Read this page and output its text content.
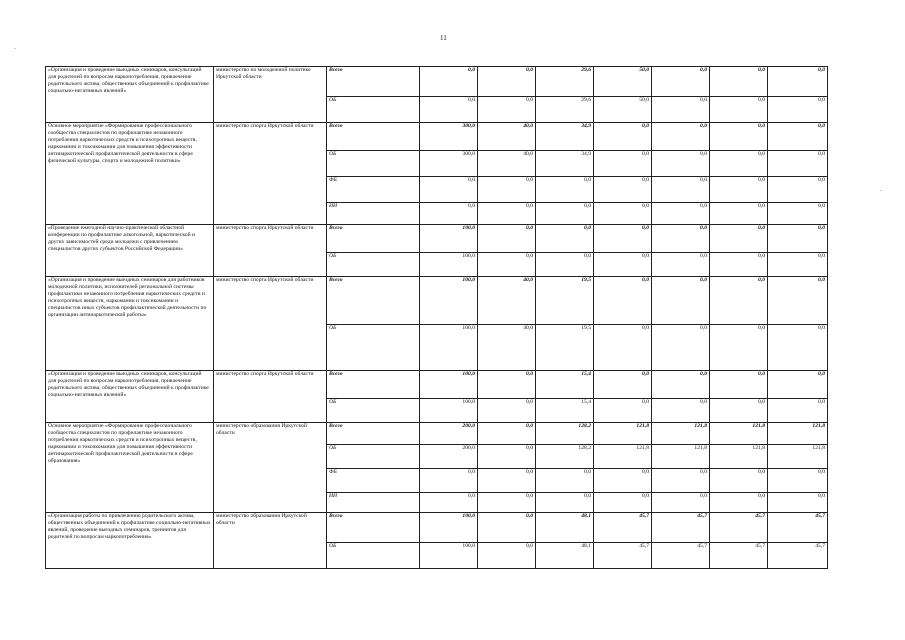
11
-
-
«Организация и проведение выездных семинаров, консультаций для родителей по вопросам наркопотребления, привлечение родительского актива, общественных объединений к профилактике социально-негативных явлений»	министерство по молодежной политике Иркутской области	Всего	0,0	0,0	29,6	50,0	0,0	0,0	0,0
		ОБ	0,0	0,0	29,6	50,0	0,0	0,0	0,0
Основное мероприятие «Формирование профессионального сообщества специалистов по профилактике незаконного потребления наркотических средств и психотропных веществ, наркомании и токсикомании для повышения эффективности антинаркотической профилактической деятельности в сфере физической культуры, спорта и молодежной политики»	министерство спорта Иркутской области	Всего	300,0	40,0	34,9	0,0	0,0	0,0	0,0
		ОБ	300,0	40,0	34,9	0,0	0,0	0,0	0,0
		ФБ	0,0	0,0	0,0	0,0	0,0	0,0	0,0
		ИИ	0,0	0,0	0,0	0,0	0,0	0,0	0,0
«Проведение ежегодной научно-практической областной конференции по профилактике алкогольной, наркотической и других зависимостей среди молодежи с привлечением специалистов других субъектов Российской Федерации»	министерство спорта Иркутской области	Всего	100,0	0,0	0,0	0,0	0,0	0,0	0,0
		ОБ	100,0	0,0	0,0	0,0	0,0	0,0	0,0
«Организация и проведение выездных семинаров для работников молодежной политики, исполнителей региональной системы профилактики незаконного потребления наркотических средств и психотропных веществ, наркомании и токсикомании и специалистов иных субъектов профилактической деятельности по организации антинаркотической работы»	министерство спорта Иркутской области	Всего	100,0	40,0	19,5	0,0	0,0	0,0	0,0
		ОБ	100,0	40,0	19,5	0,0	0,0	0,0	0,0
«Организация и проведение выездных семинаров, консультаций для родителей по вопросам наркопотребления, привлечение родительского актива, общественных объединений к профилактике социально-негативных явлений»	министерство спорта Иркутской области	Всего	100,0	0,0	15,4	0,0	0,0	0,0	0,0
		ОБ	100,0	0,0	15,4	0,0	0,0	0,0	0,0
Основное мероприятие «Формирование профессионального сообщества специалистов по профилактике незаконного потребления наркотических средств и психотропных веществ, наркомании и токсикомании для повышения эффективности антинаркотической профилактической деятельности в сфере образования»	министерство образования Иркутской области	Всего	200,0	0,0	128,2	121,8	121,8	121,8	121,8
		ОБ	200,0	0,0	128,2	121,8	121,8	121,8	121,8
		ФБ	0,0	0,0	0,0	0,0	0,0	0,0	0,0
		ИИ	0,0	0,0	0,0	0,0	0,0	0,0	0,0
«Организация работы по привлечению родительского актива, общественных объединений к профилактике социально-негативных явлений, проведение выездных семинаров, тренингов для родителей по вопросам наркопотребления»	министерство образования Иркутской области	Всего	100,0	0,0	48,1	45,7	45,7	45,7	45,7
		ОБ	100,0	0,0	48,1	45,7	45,7	45,7	45,7
